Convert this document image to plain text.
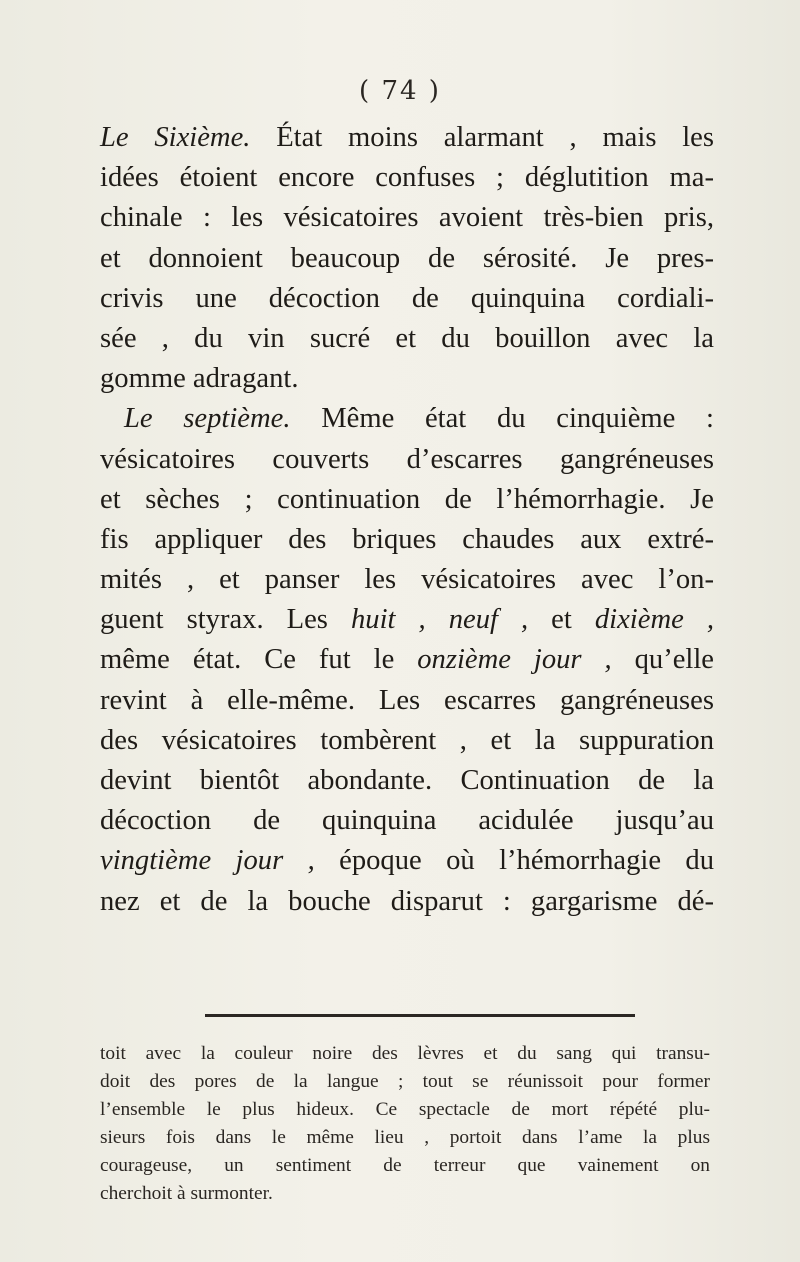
( 74 )
Le Sixième. État moins alarmant , mais les
idées étoient encore confuses ; déglutition ma-
chinale : les vésicatoires avoient très-bien pris,
et donnoient beaucoup de sérosité. Je pres-
crivis une décoction de quinquina cordiali-
sée , du vin sucré et du bouillon avec la
gomme adragant.
Le septième. Même état du cinquième :
vésicatoires couverts d’escarres gangréneuses
et sèches ; continuation de l’hémorrhagie. Je
fis appliquer des briques chaudes aux extré-
mités , et panser les vésicatoires avec l’on-
guent styrax. Les huit , neuf , et dixième ,
même état. Ce fut le onzième jour , qu’elle
revint à elle-même. Les escarres gangréneuses
des vésicatoires tombèrent , et la suppuration
devint bientôt abondante. Continuation de la
décoction de quinquina acidulée jusqu’au
vingtième jour , époque où l’hémorrhagie du
nez et de la bouche disparut : gargarisme dé-
toit avec la couleur noire des lèvres et du sang qui transu-
doit des pores de la langue ; tout se réunissoit pour former
l’ensemble le plus hideux. Ce spectacle de mort répété plu-
sieurs fois dans le même lieu , portoit dans l’ame la plus
courageuse, un sentiment de terreur que vainement on
cherchoit à surmonter.
